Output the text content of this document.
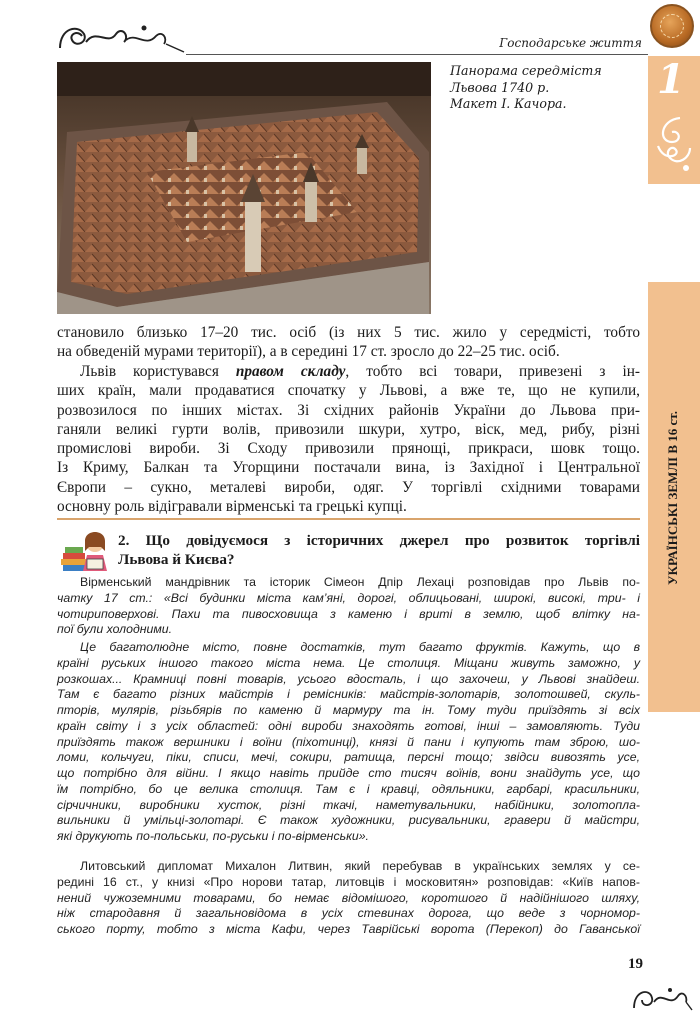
Господарське життя
1
УКРАЇНСЬКІ ЗЕМЛІ В 16 ст.
Панорама середмістя
Львова 1740 р.
Макет І. Качора.
становило близько 17–20 тис. осіб (із них 5 тис. жило у середмісті, тобто
на обведеній мурами території), а в середині 17 ст. зросло до 22–25 тис. осіб.
Львів користувався правом складу, тобто всі товари, привезені з ін-
ших країн, мали продаватися спочатку у Львові, а вже те, що не купили,
розвозилося по інших містах. Зі східних районів України до Львова при-
ганяли великі гурти волів, привозили шкури, хутро, віск, мед, рибу, різні
промислові вироби. Зі Сходу привозили прянощі, прикраси, шовк тощо.
Із Криму, Балкан та Угорщини постачали вина, із Західної і Центральної
Європи – сукно, металеві вироби, одяг. У торгівлі східними товарами
основну роль відігравали вірменські та грецькі купці.
2. Що довідуємося з історичних джерел про розвиток торгівлі
Львова й Києва?
Вірменський мандрівник та історик Сімеон Дпір Лехаці розповідав про Львів по-
чатку 17 ст.: «Всі будинки міста кам’яні, дорогі, облицьовані, широкі, високі, три- і
чотириповерхові. Пахи та пивосховища з каменю і вриті в землю, щоб влітку на-
пої були холодними.
Це багатолюдне місто, повне достатків, тут багато фруктів. Кажуть, що в
країні руських іншого такого міста нема. Це столиця. Міщани живуть заможно, у
розкошах... Крамниці повні товарів, усього вдосталь, і що захочеш, у Львові знайдеш.
Там є багато різних майстрів і ремісників: майстрів-золотарів, золотошвей, скуль-
пторів, мулярів, різьбярів по каменю й мармуру та ін. Тому туди приїздять зі всіх
країн світу і з усіх областей: одні вироби знаходять готові, інші – замовляють. Туди
приїздять також вершники і воїни (піхотинці), князі й пани і купують там зброю, шо-
ломи, кольчуги, піки, списи, мечі, сокири, ратища, персні тощо; звідси вивозять усе,
що потрібно для війни. І якщо навіть прийде сто тисяч воїнів, вони знайдуть усе, що
їм потрібно, бо це велика столиця. Там є і кравці, одяльники, гарбарі, красильники,
сірчичники, виробники хусток, різні ткачі, наметувальники, набійники, золотопла-
вильники й умільці-золотарі. Є також художники, рисувальники, гравери й майстри,
які друкують по-польськи, по-руськи і по-вірменськи».
Литовський дипломат Михалон Литвин, який перебував в українських землях у се-
редині 16 ст., у книзі «Про норови татар, литовців і московитян» розповідав: «Київ напов-
нений чужоземними товарами, бо немає відомішого, коротшого й надійнішого шляху,
ніж стародавня й загальновідома в усіх стевинах дорога, що веде з чорномор-
ського порту, тобто з міста Кафи, через Таврійські ворота (Перекоп) до Гаванської
19
